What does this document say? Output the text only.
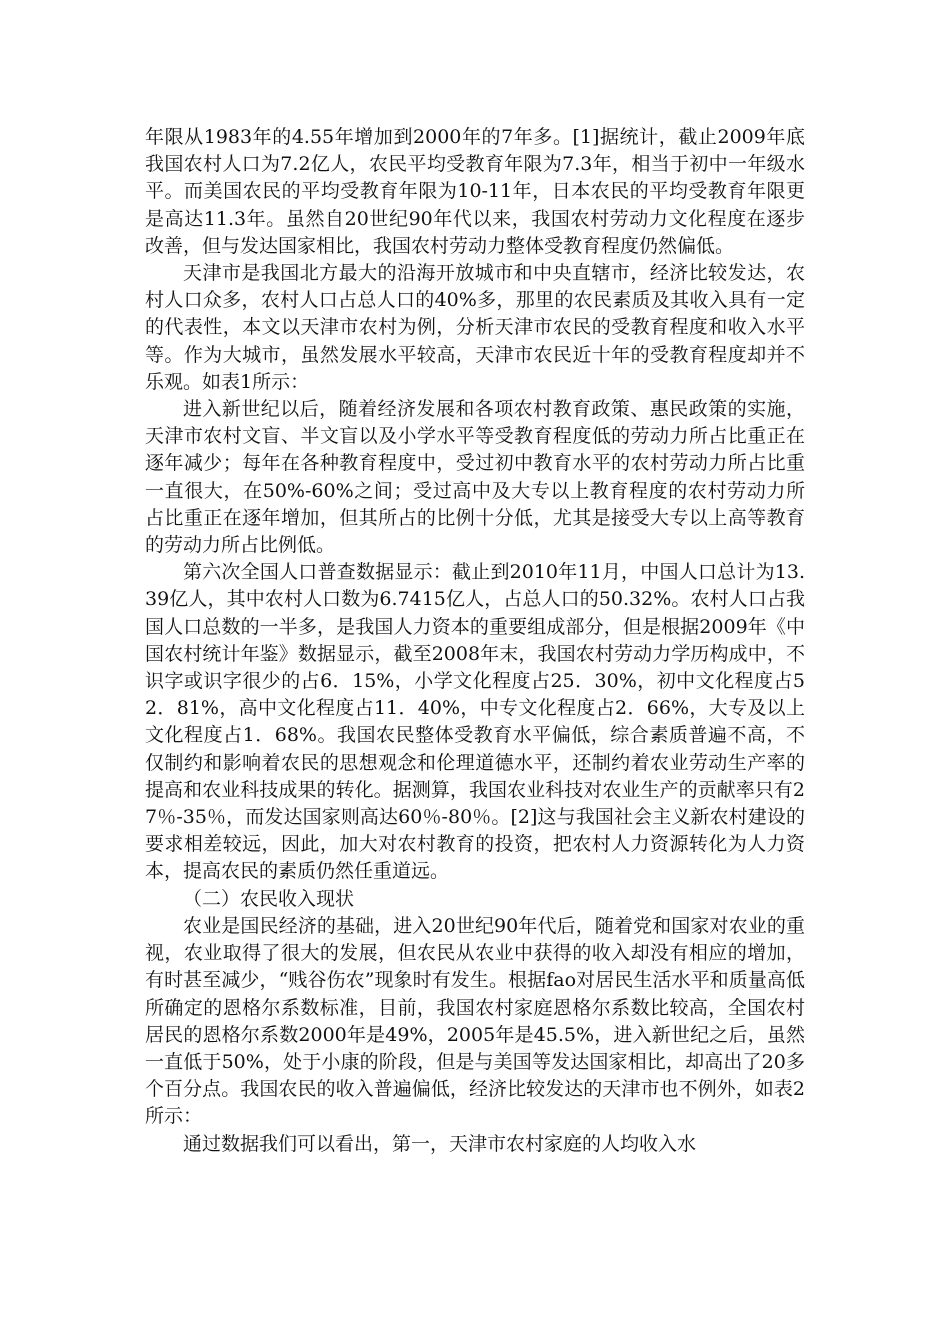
年限从1983年的4.55年增加到2000年的7年多。[1]据统计，截止2009年底我国农村人口为7.2亿人，农民平均受教育年限为7.3年，相当于初中一年级水平。而美国农民的平均受教育年限为10-11年，日本农民的平均受教育年限更是高达11.3年。虽然自20世纪90年代以来，我国农村劳动力文化程度在逐步改善，但与发达国家相比，我国农村劳动力整体受教育程度仍然偏低。

天津市是我国北方最大的沿海开放城市和中央直辖市，经济比较发达，农村人口众多，农村人口占总人口的40%多，那里的农民素质及其收入具有一定的代表性，本文以天津市农村为例，分析天津市农民的受教育程度和收入水平等。作为大城市，虽然发展水平较高，天津市农民近十年的受教育程度却并不乐观。如表1所示：

进入新世纪以后，随着经济发展和各项农村教育政策、惠民政策的实施，天津市农村文盲、半文盲以及小学水平等受教育程度低的劳动力所占比重正在逐年减少；每年在各种教育程度中，受过初中教育水平的农村劳动力所占比重一直很大，在50%-60%之间；受过高中及大专以上教育程度的农村劳动力所占比重正在逐年增加，但其所占的比例十分低，尤其是接受大专以上高等教育的劳动力所占比例低。

第六次全国人口普查数据显示：截止到2010年11月，中国人口总计为13.39亿人，其中农村人口数为6.7415亿人，占总人口的50.32%。农村人口占我国人口总数的一半多，是我国人力资本的重要组成部分，但是根据2009年《中国农村统计年鉴》数据显示，截至2008年末，我国农村劳动力学历构成中，不识字或识字很少的占6．15%，小学文化程度占25．30%，初中文化程度占52．81%，高中文化程度占11．40%，中专文化程度占2．66%，大专及以上文化程度占1．68%。我国农民整体受教育水平偏低，综合素质普遍不高，不仅制约和影响着农民的思想观念和伦理道德水平，还制约着农业劳动生产率的提高和农业科技成果的转化。据测算，我国农业科技对农业生产的贡献率只有27％-35％，而发达国家则高达60％-80％。[2]这与我国社会主义新农村建设的要求相差较远，因此，加大对农村教育的投资，把农村人力资源转化为人力资本，提高农民的素质仍然任重道远。

（二）农民收入现状

农业是国民经济的基础，进入20世纪90年代后，随着党和国家对农业的重视，农业取得了很大的发展，但农民从农业中获得的收入却没有相应的增加，有时甚至减少，“贱谷伤农”现象时有发生。根据fao对居民生活水平和质量高低所确定的恩格尔系数标准，目前，我国农村家庭恩格尔系数比较高，全国农村居民的恩格尔系数2000年是49%，2005年是45.5%，进入新世纪之后，虽然一直低于50%，处于小康的阶段，但是与美国等发达国家相比，却高出了20多个百分点。我国农民的收入普遍偏低，经济比较发达的天津市也不例外，如表2所示：

通过数据我们可以看出，第一，天津市农村家庭的人均收入水
